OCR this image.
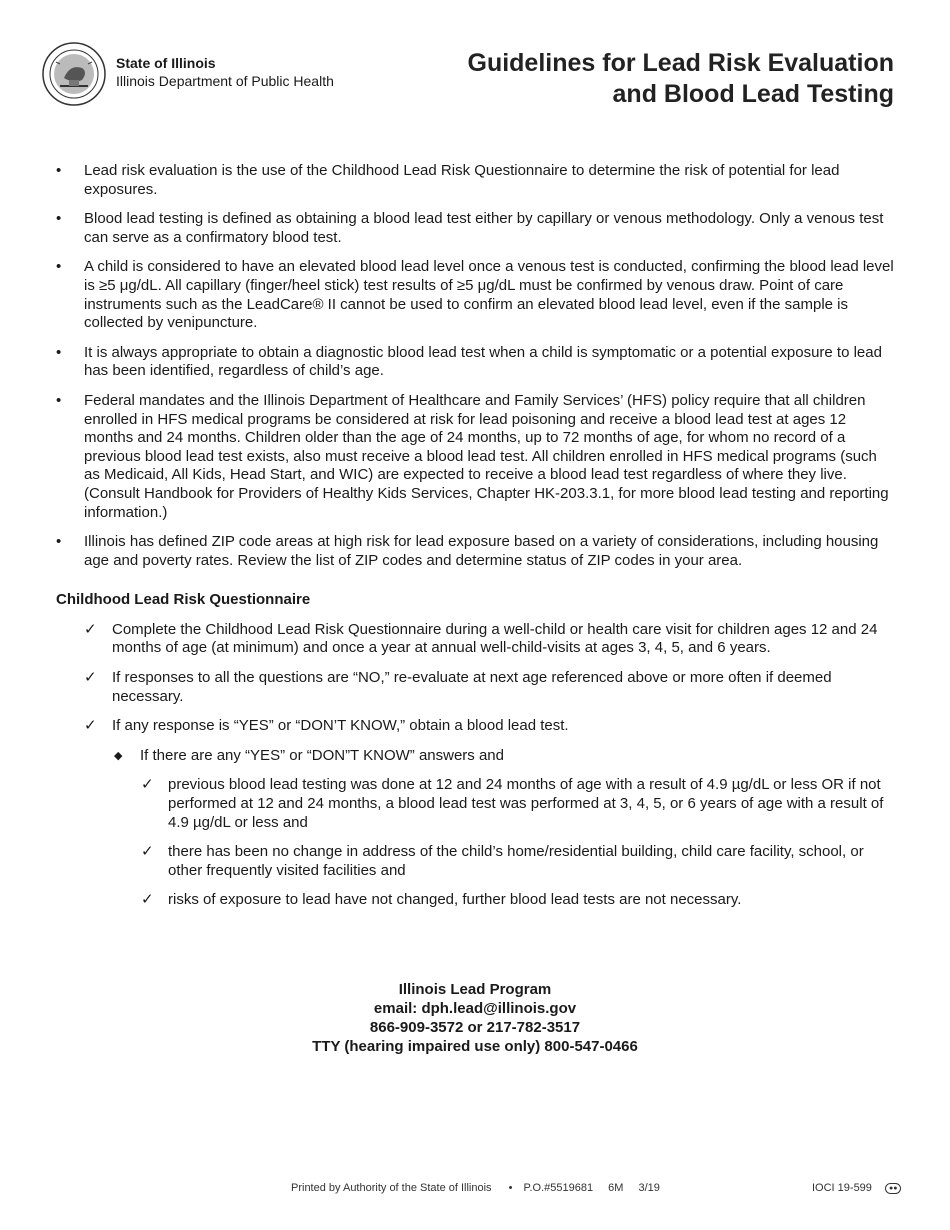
State of Illinois
Illinois Department of Public Health
Guidelines for Lead Risk Evaluation
and Blood Lead Testing
• Lead risk evaluation is the use of the Childhood Lead Risk Questionnaire to determine the risk of potential for lead exposures.
• Blood lead testing is defined as obtaining a blood lead test either by capillary or venous methodology. Only a venous test can serve as a confirmatory blood test.
• A child is considered to have an elevated blood lead level once a venous test is conducted, confirming the blood lead level is ≥5 μg/dL. All capillary (finger/heel stick) test results of ≥5 μg/dL must be confirmed by venous draw. Point of care instruments such as the LeadCare® II cannot be used to confirm an elevated blood lead level, even if the sample is collected by venipuncture.
• It is always appropriate to obtain a diagnostic blood lead test when a child is symptomatic or a potential exposure to lead has been identified, regardless of child’s age.
• Federal mandates and the Illinois Department of Healthcare and Family Services’ (HFS) policy require that all children enrolled in HFS medical programs be considered at risk for lead poisoning and receive a blood lead test at ages 12 months and 24 months. Children older than the age of 24 months, up to 72 months of age, for whom no record of a previous blood lead test exists, also must receive a blood lead test. All children enrolled in HFS medical programs (such as Medicaid, All Kids, Head Start, and WIC) are expected to receive a blood lead test regardless of where they live. (Consult Handbook for Providers of Healthy Kids Services, Chapter HK-203.3.1, for more blood lead testing and reporting information.)
• Illinois has defined ZIP code areas at high risk for lead exposure based on a variety of considerations, including housing age and poverty rates. Review the list of ZIP codes and determine status of ZIP codes in your area.
Childhood Lead Risk Questionnaire
✓ Complete the Childhood Lead Risk Questionnaire during a well-child or health care visit for children ages 12 and 24 months of age (at minimum) and once a year at annual well-child-visits at ages 3, 4, 5, and 6 years.
✓ If responses to all the questions are “NO,” re-evaluate at next age referenced above or more often if deemed necessary.
✓ If any response is “YES” or “DON’T KNOW,” obtain a blood lead test.
◆ If there are any “YES” or “DON”T KNOW” answers and
✓ previous blood lead testing was done at 12 and 24 months of age with a result of 4.9 µg/dL or less OR if not performed at 12 and 24 months, a blood lead test was performed at 3, 4, 5, or 6 years of age with a result of 4.9 µg/dL or less and
✓ there has been no change in address of the child’s home/residential building, child care facility, school, or other frequently visited facilities and
✓ risks of exposure to lead have not changed, further blood lead tests are not necessary.
Illinois Lead Program
email: dph.lead@illinois.gov
866-909-3572 or 217-782-3517
TTY (hearing impaired use only) 800-547-0466
Printed by Authority of the State of Illinois • P.O.#5519681 6M 3/19	IOCI 19-599 ●●
